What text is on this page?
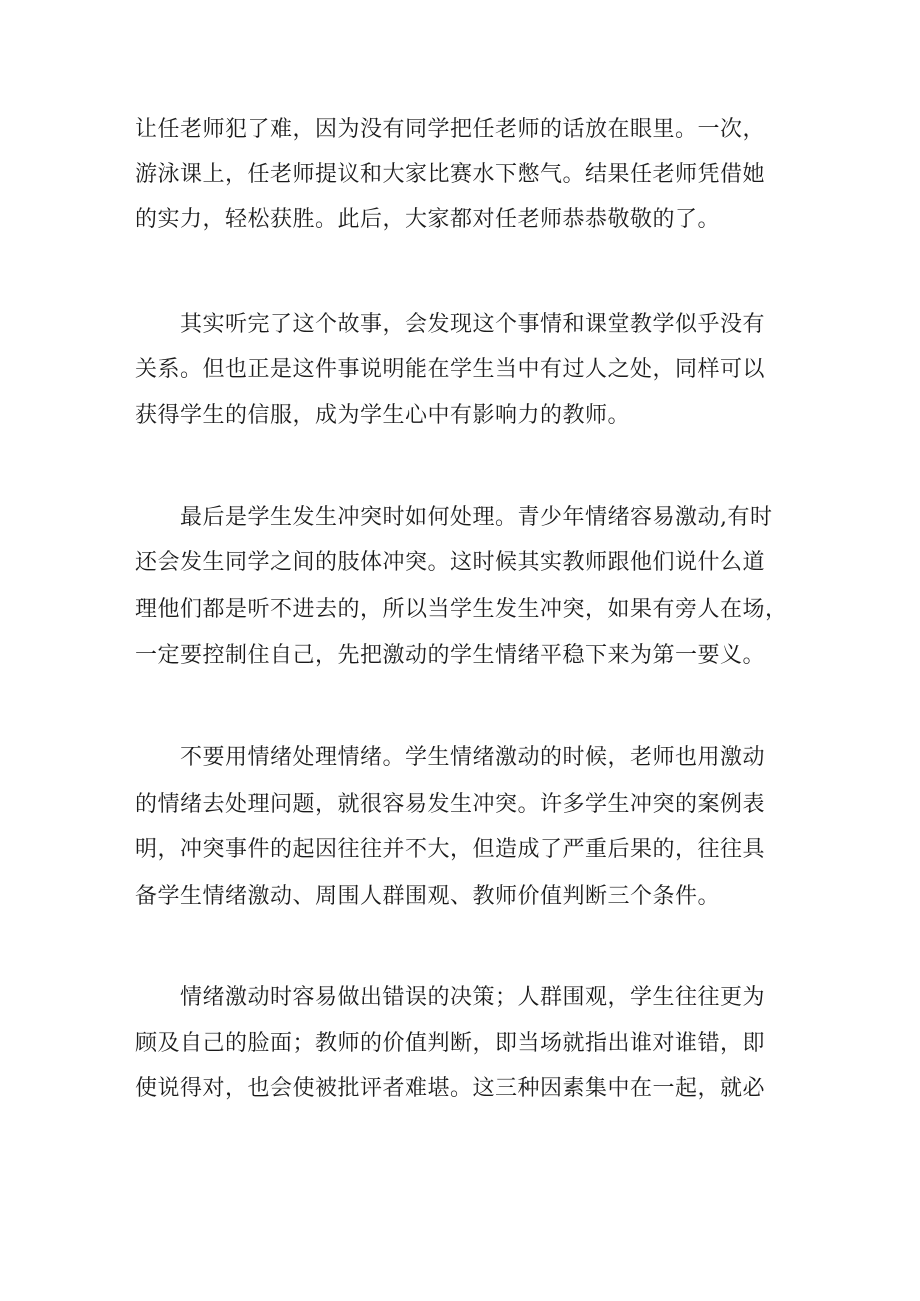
让任老师犯了难，因为没有同学把任老师的话放在眼里。一次，
游泳课上，任老师提议和大家比赛水下憋气。结果任老师凭借她
的实力，轻松获胜。此后，大家都对任老师恭恭敬敬的了。
　　其实听完了这个故事，会发现这个事情和课堂教学似乎没有
关系。但也正是这件事说明能在学生当中有过人之处，同样可以
获得学生的信服，成为学生心中有影响力的教师。
　　最后是学生发生冲突时如何处理。青少年情绪容易激动,有时
还会发生同学之间的肢体冲突。这时候其实教师跟他们说什么道
理他们都是听不进去的，所以当学生发生冲突，如果有旁人在场，
一定要控制住自己，先把激动的学生情绪平稳下来为第一要义。
　　不要用情绪处理情绪。学生情绪激动的时候，老师也用激动
的情绪去处理问题，就很容易发生冲突。许多学生冲突的案例表
明，冲突事件的起因往往并不大，但造成了严重后果的，往往具
备学生情绪激动、周围人群围观、教师价值判断三个条件。
　　情绪激动时容易做出错误的决策；人群围观，学生往往更为
顾及自己的脸面；教师的价值判断，即当场就指出谁对谁错，即
使说得对，也会使被批评者难堪。这三种因素集中在一起，就必
